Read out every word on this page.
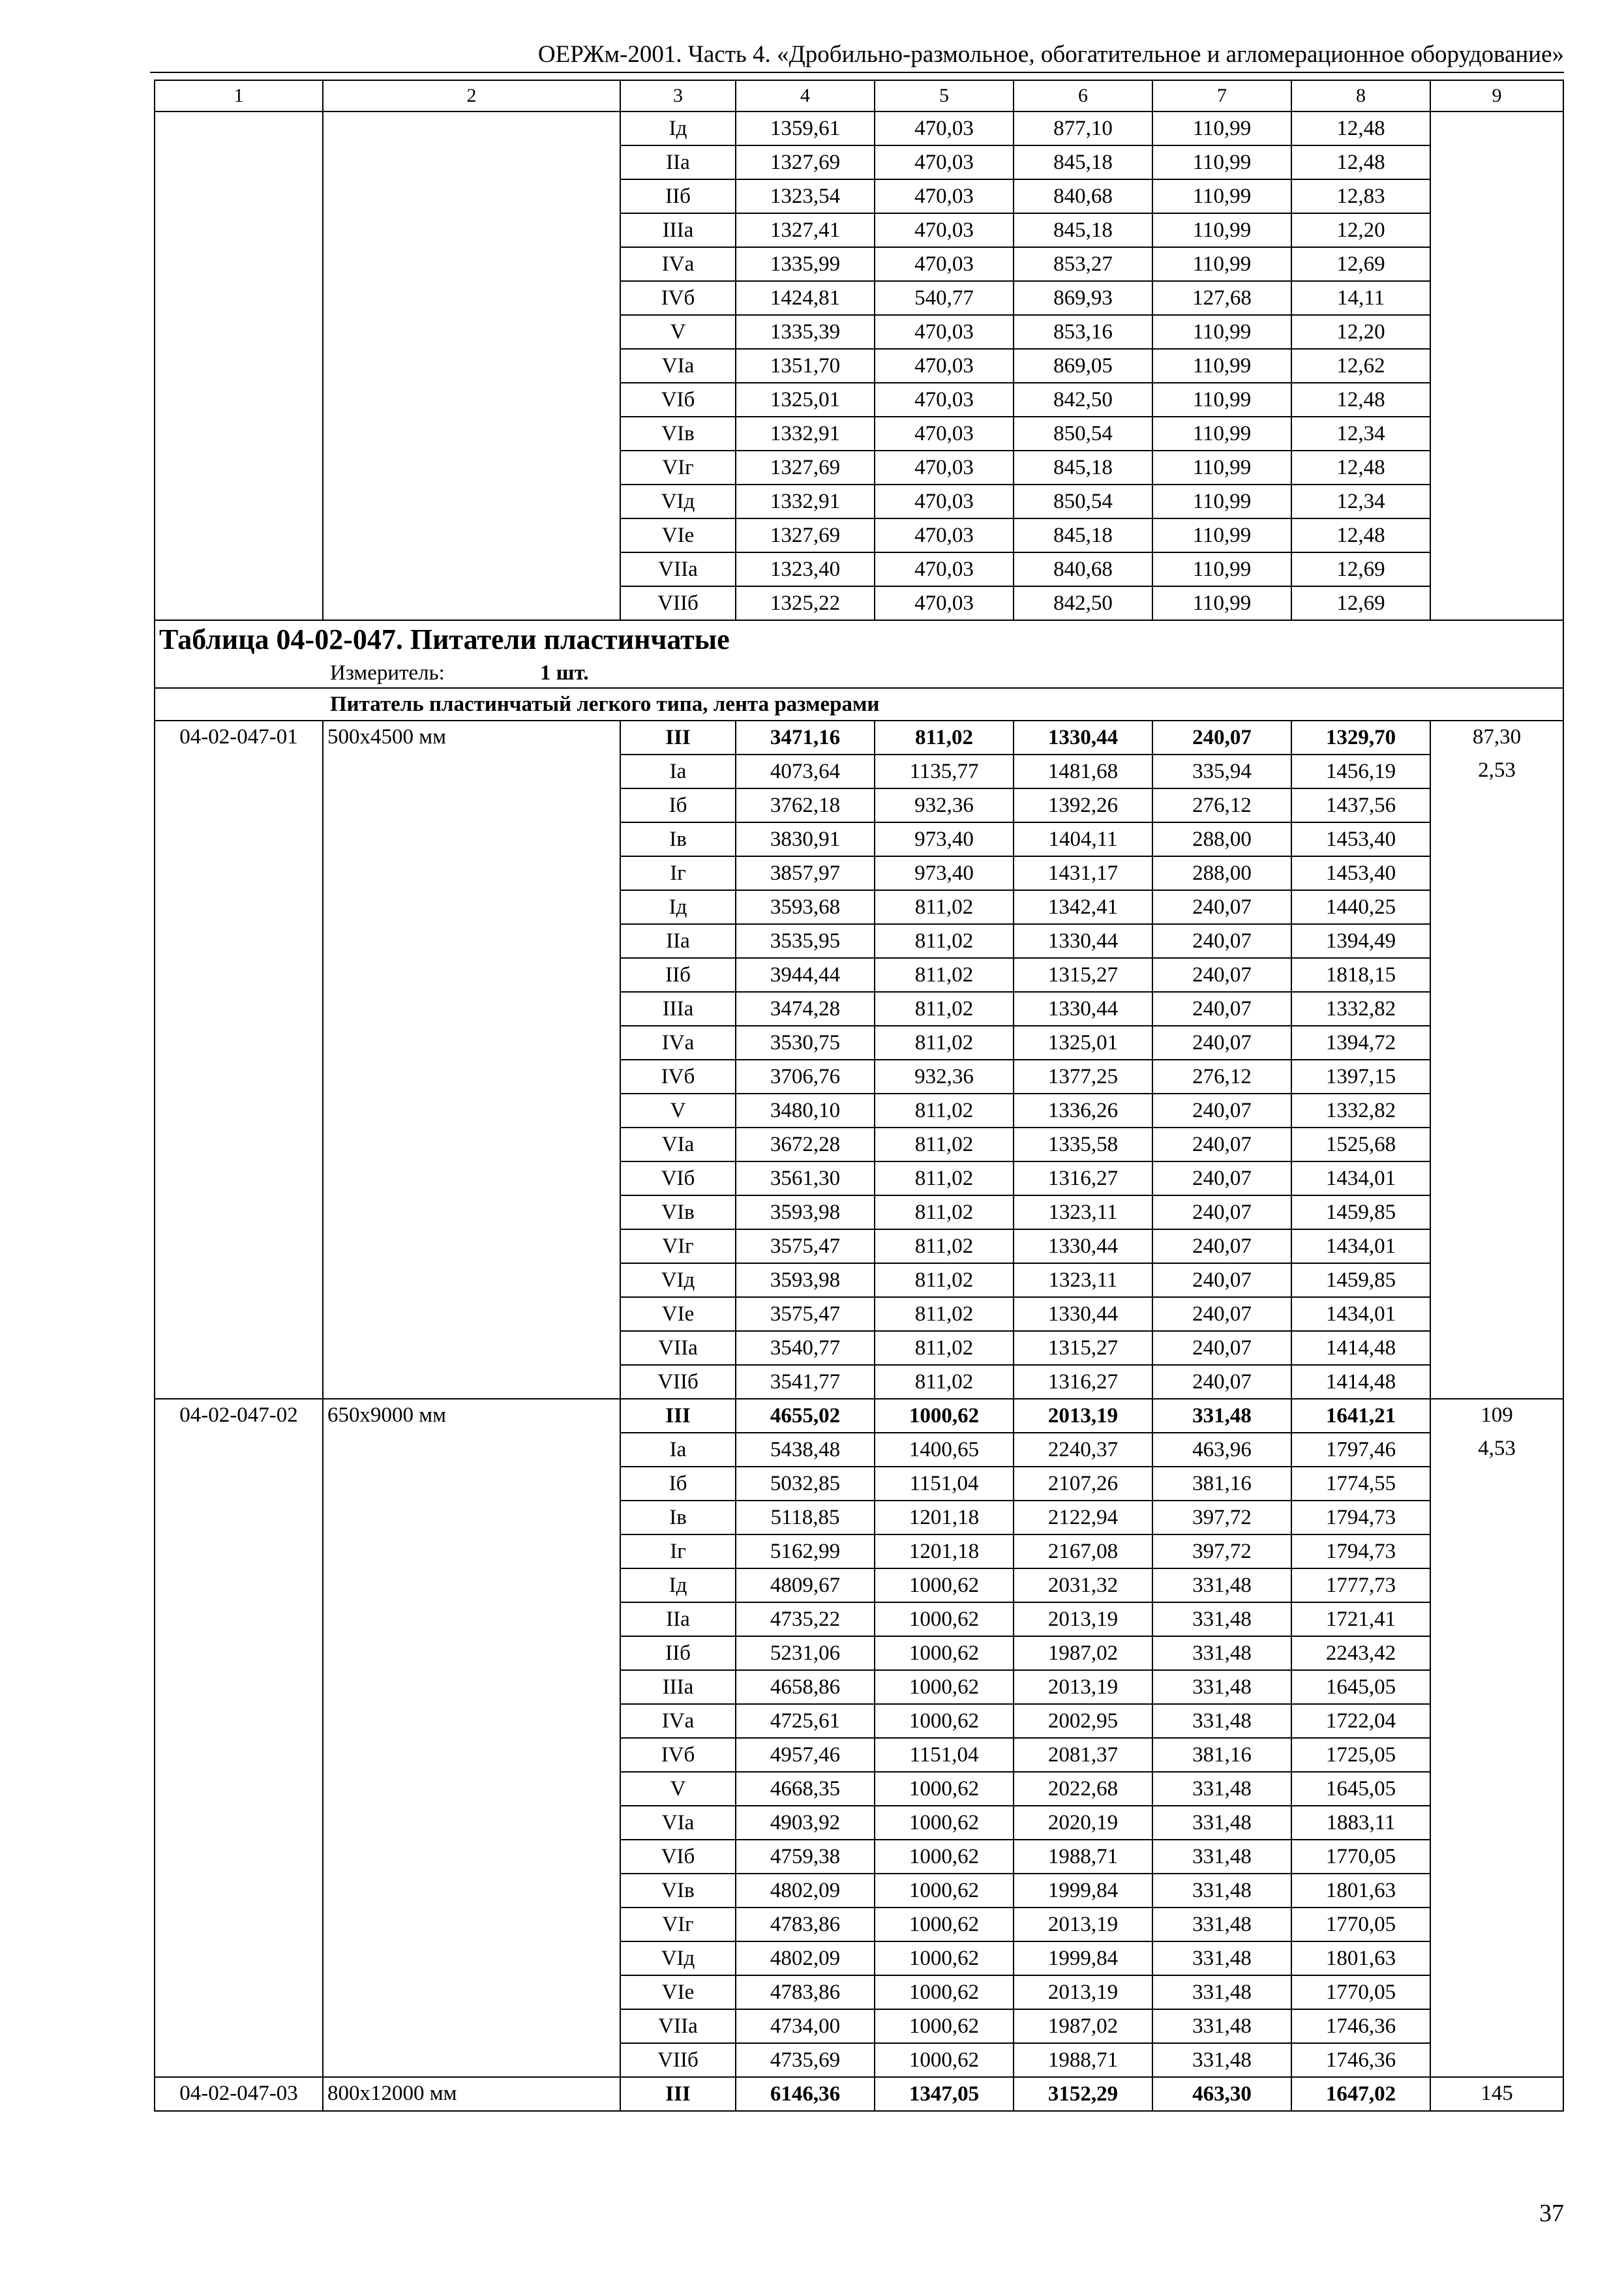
ОЕРЖм-2001. Часть 4. «Дробильно-размольное, обогатительное и агломерационное оборудование»
1	2	3	4	5	6	7	8	9
		Iд	1359,61	470,03	877,10	110,99	12,48	
		IIа	1327,69	470,03	845,18	110,99	12,48	
		IIб	1323,54	470,03	840,68	110,99	12,83	
		IIIа	1327,41	470,03	845,18	110,99	12,20	
		IVа	1335,99	470,03	853,27	110,99	12,69	
		IVб	1424,81	540,77	869,93	127,68	14,11	
		V	1335,39	470,03	853,16	110,99	12,20	
		VIа	1351,70	470,03	869,05	110,99	12,62	
		VIб	1325,01	470,03	842,50	110,99	12,48	
		VIв	1332,91	470,03	850,54	110,99	12,34	
		VIг	1327,69	470,03	845,18	110,99	12,48	
		VIд	1332,91	470,03	850,54	110,99	12,34	
		VIе	1327,69	470,03	845,18	110,99	12,48	
		VIIа	1323,40	470,03	840,68	110,99	12,69	
		VIIб	1325,22	470,03	842,50	110,99	12,69	
Таблица 04-02-047. Питатели пластинчатые								
Измеритель: 1 шт.								
Питатель пластинчатый легкого типа, лента размерами								
04-02-047-01	500х4500 мм	III	3471,16	811,02	1330,44	240,07	1329,70	87,30
		Iа	4073,64	1135,77	1481,68	335,94	1456,19	2,53
		Iб	3762,18	932,36	1392,26	276,12	1437,56	
		Iв	3830,91	973,40	1404,11	288,00	1453,40	
		Iг	3857,97	973,40	1431,17	288,00	1453,40	
		Iд	3593,68	811,02	1342,41	240,07	1440,25	
		IIа	3535,95	811,02	1330,44	240,07	1394,49	
		IIб	3944,44	811,02	1315,27	240,07	1818,15	
		IIIа	3474,28	811,02	1330,44	240,07	1332,82	
		IVа	3530,75	811,02	1325,01	240,07	1394,72	
		IVб	3706,76	932,36	1377,25	276,12	1397,15	
		V	3480,10	811,02	1336,26	240,07	1332,82	
		VIа	3672,28	811,02	1335,58	240,07	1525,68	
		VIб	3561,30	811,02	1316,27	240,07	1434,01	
		VIв	3593,98	811,02	1323,11	240,07	1459,85	
		VIг	3575,47	811,02	1330,44	240,07	1434,01	
		VIд	3593,98	811,02	1323,11	240,07	1459,85	
		VIе	3575,47	811,02	1330,44	240,07	1434,01	
		VIIа	3540,77	811,02	1315,27	240,07	1414,48	
		VIIб	3541,77	811,02	1316,27	240,07	1414,48	
04-02-047-02	650х9000 мм	III	4655,02	1000,62	2013,19	331,48	1641,21	109
		Iа	5438,48	1400,65	2240,37	463,96	1797,46	4,53
		Iб	5032,85	1151,04	2107,26	381,16	1774,55	
		Iв	5118,85	1201,18	2122,94	397,72	1794,73	
		Iг	5162,99	1201,18	2167,08	397,72	1794,73	
		Iд	4809,67	1000,62	2031,32	331,48	1777,73	
		IIа	4735,22	1000,62	2013,19	331,48	1721,41	
		IIб	5231,06	1000,62	1987,02	331,48	2243,42	
		IIIа	4658,86	1000,62	2013,19	331,48	1645,05	
		IVа	4725,61	1000,62	2002,95	331,48	1722,04	
		IVб	4957,46	1151,04	2081,37	381,16	1725,05	
		V	4668,35	1000,62	2022,68	331,48	1645,05	
		VIа	4903,92	1000,62	2020,19	331,48	1883,11	
		VIб	4759,38	1000,62	1988,71	331,48	1770,05	
		VIв	4802,09	1000,62	1999,84	331,48	1801,63	
		VIг	4783,86	1000,62	2013,19	331,48	1770,05	
		VIд	4802,09	1000,62	1999,84	331,48	1801,63	
		VIе	4783,86	1000,62	2013,19	331,48	1770,05	
		VIIа	4734,00	1000,62	1987,02	331,48	1746,36	
		VIIб	4735,69	1000,62	1988,71	331,48	1746,36	
04-02-047-03	800х12000 мм	III	6146,36	1347,05	3152,29	463,30	1647,02	145
37
